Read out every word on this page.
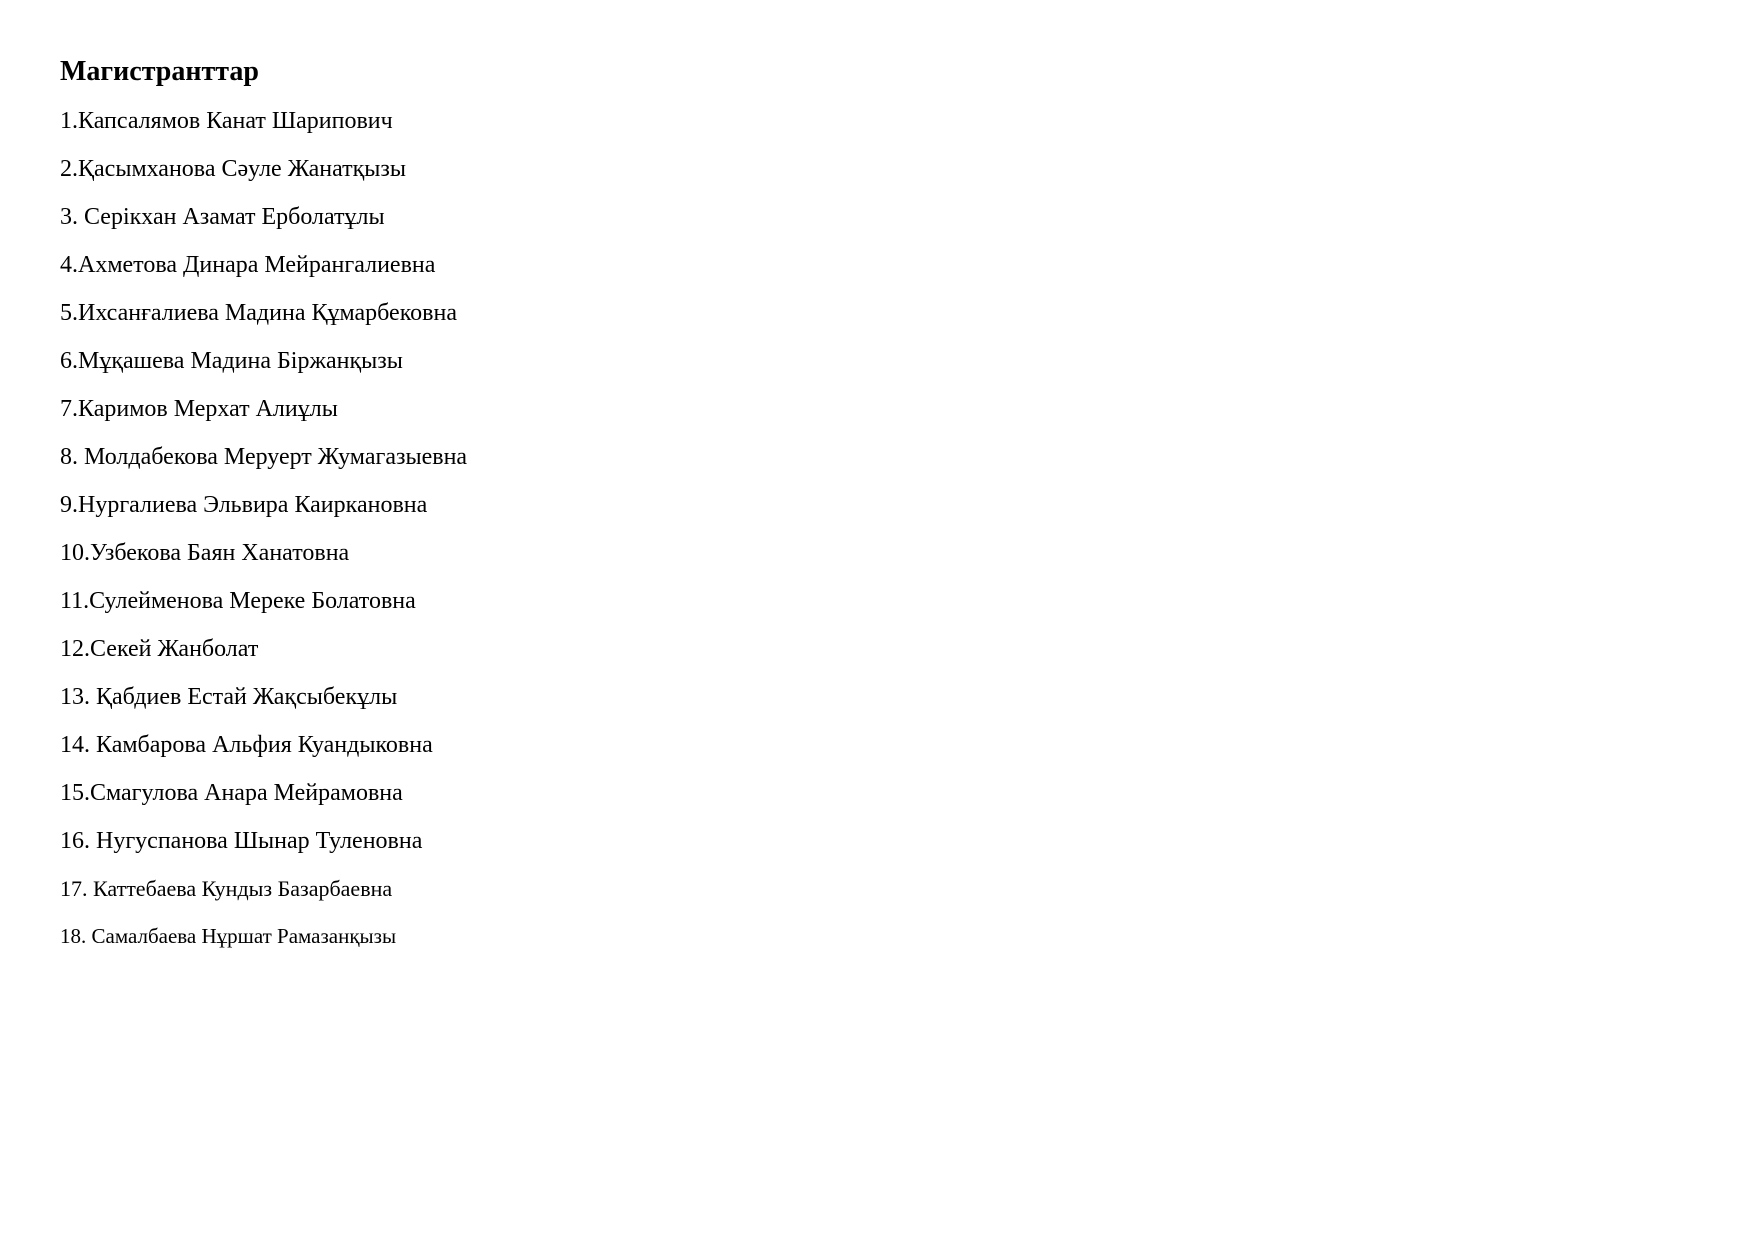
Магистранттар
1.Капсалямов Канат Шарипович
2.Қасымханова Сәуле Жанатқызы
3. Серікхан Азамат Ерболатұлы
4.Ахметова Динара Мейрангалиевна
5.Ихсанғалиева Мадина Құмарбековна
6.Мұқашева Мадина Біржанқызы
7.Каримов Мерхат Алиұлы
8. Молдабекова Меруерт Жумагазыевна
9.Нургалиева Эльвира Каиркановна
10.Узбекова Баян Ханатовна
11.Сулейменова Мереке Болатовна
12.Секей Жанболат
13. Қабдиев Естай Жақсыбекұлы
14. Камбарова Альфия Куандыковна
15.Смагулова Анара Мейрамовна
16. Нугуспанова Шынар Туленовна
17. Каттебаева Кундыз Базарбаевна
18. Самалбаева Нұршат Рамазанқызы
